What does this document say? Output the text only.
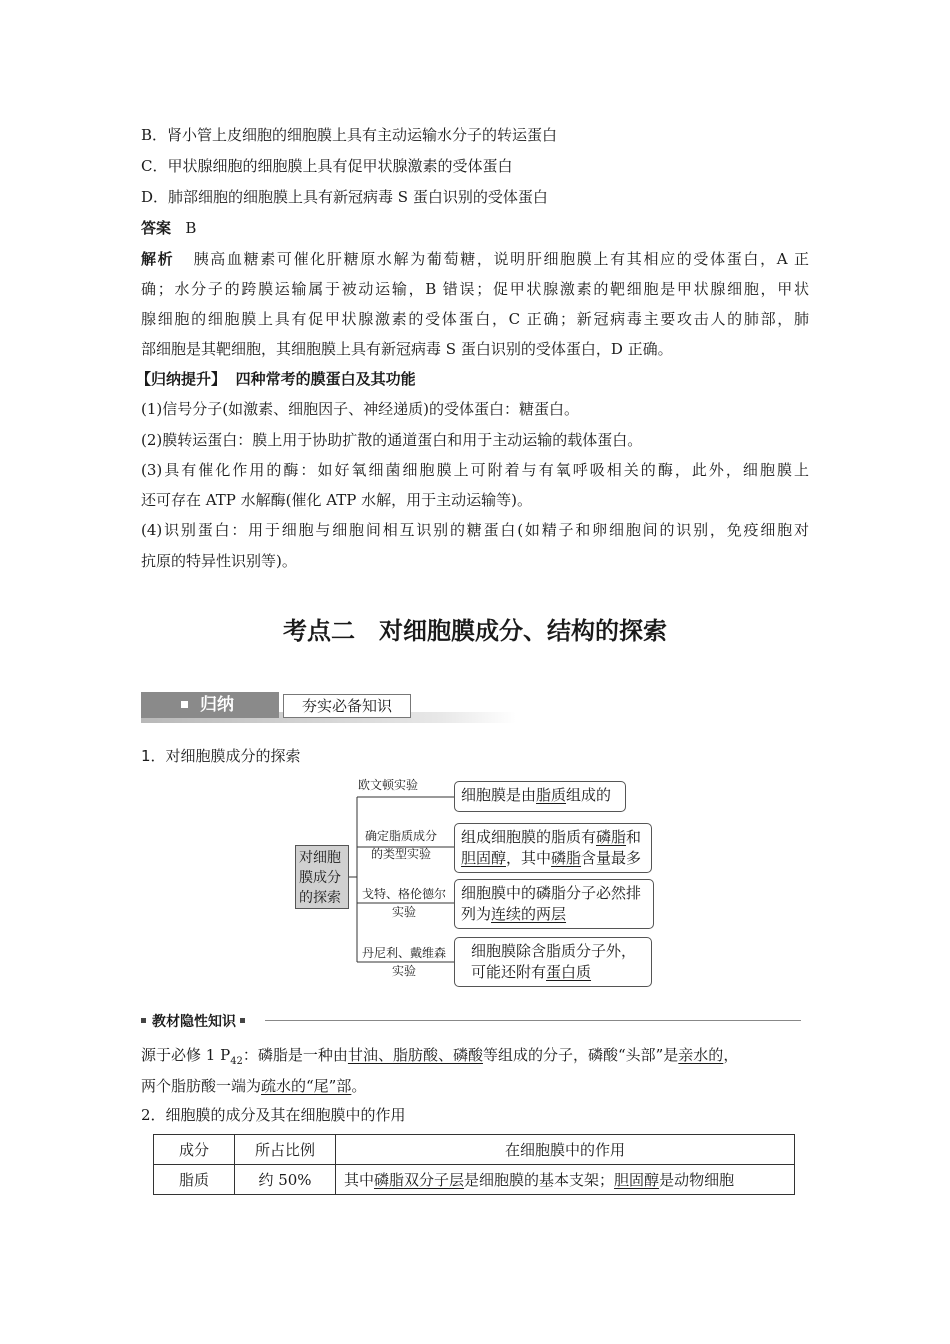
B．肾小管上皮细胞的细胞膜上具有主动运输水分子的转运蛋白
C．甲状腺细胞的细胞膜上具有促甲状腺激素的受体蛋白
D．肺部细胞的细胞膜上具有新冠病毒 S 蛋白识别的受体蛋白
答案 B
解析 胰高血糖素可催化肝糖原水解为葡萄糖，说明肝细胞膜上有其相应的受体蛋白，A 正
确；水分子的跨膜运输属于被动运输，B 错误；促甲状腺激素的靶细胞是甲状腺细胞，甲状
腺细胞的细胞膜上具有促甲状腺激素的受体蛋白，C 正确；新冠病毒主要攻击人的肺部，肺
部细胞是其靶细胞，其细胞膜上具有新冠病毒 S 蛋白识别的受体蛋白，D 正确。
【归纳提升】 四种常考的膜蛋白及其功能
(1)信号分子(如激素、细胞因子、神经递质)的受体蛋白：糖蛋白。
(2)膜转运蛋白：膜上用于协助扩散的通道蛋白和用于主动运输的载体蛋白。
(3)具有催化作用的酶：如好氧细菌细胞膜上可附着与有氧呼吸相关的酶，此外，细胞膜上
还可存在 ATP 水解酶(催化 ATP 水解，用于主动运输等)。
(4)识别蛋白：用于细胞与细胞间相互识别的糖蛋白(如精子和卵细胞间的识别，免疫细胞对
抗原的特异性识别等)。
考点二　对细胞膜成分、结构的探索
归纳	夯实必备知识
1．对细胞膜成分的探索
对细胞
膜成分
的探索
欧文顿实验
确定脂质成分
的类型实验
戈特、格伦德尔
实验
丹尼利、戴维森
实验
细胞膜是由脂质组成的
组成细胞膜的脂质有磷脂和
胆固醇，其中磷脂含量最多
细胞膜中的磷脂分子必然排
列为连续的两层
细胞膜除含脂质分子外，
可能还附有蛋白质
教材隐性知识
源于必修 1 $P_{42}$：磷脂是一种由甘油、脂肪酸、磷酸等组成的分子，磷酸“头部”是亲水的，
两个脂肪酸一端为疏水的“尾”部。
2．细胞膜的成分及其在细胞膜中的作用
成分	所占比例	在细胞膜中的作用
脂质	约 50%	其中磷脂双分子层是细胞膜的基本支架；胆固醇是动物细胞
